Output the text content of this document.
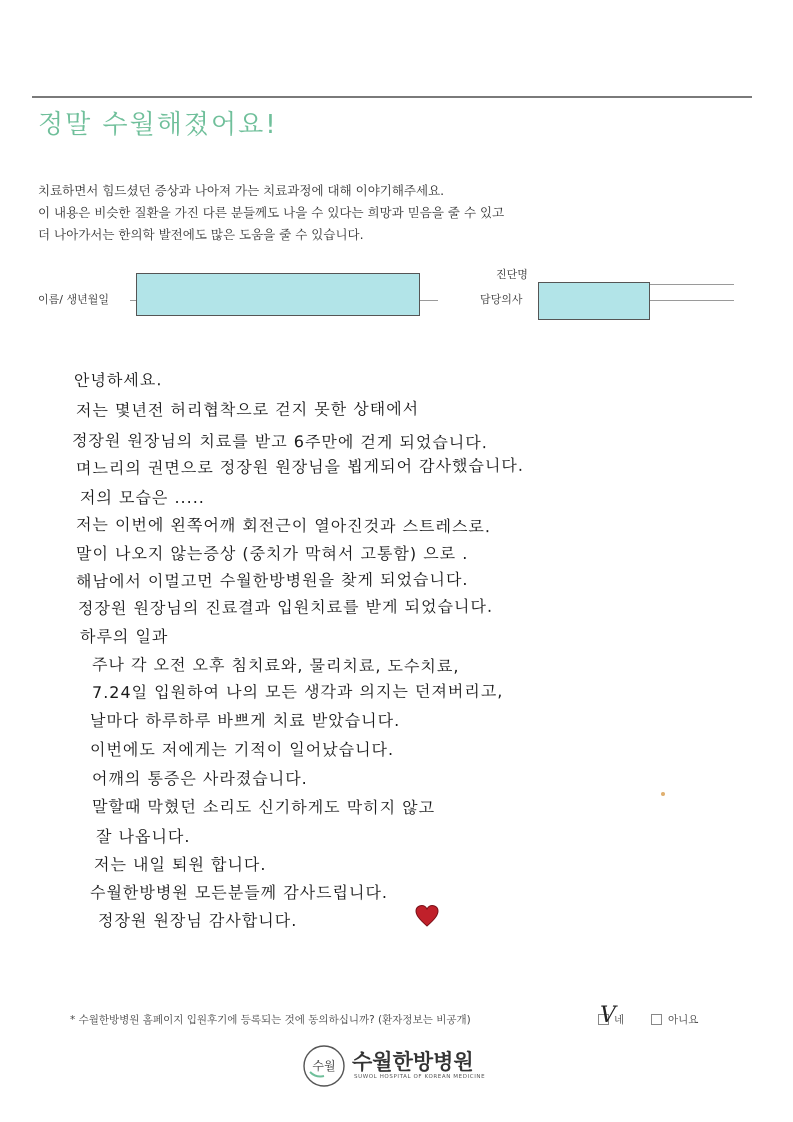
정말 수월해졌어요!
치료하면서 힘드셨던 증상과 나아져 가는 치료과정에 대해 이야기해주세요.
이 내용은 비슷한 질환을 가진 다른 분들께도 나을 수 있다는 희망과 믿음을 줄 수 있고
더 나아가서는 한의학 발전에도 많은 도움을 줄 수 있습니다.
이름/ 생년월일
진단명
담당의사
안녕하세요.
저는 몇년전 허리협착으로 걷지 못한 상태에서
정장원 원장님의 치료를 받고 6주만에 걷게 되었습니다.
며느리의 권면으로 정장원 원장님을 뵙게되어 감사했습니다.
저의 모습은 .....
저는 이번에 왼쪽어깨 회전근이 열아진것과 스트레스로.
말이 나오지 않는증상 (중치가 막혀서 고통함) 으로 .
해남에서 이멀고먼 수월한방병원을 찾게 되었습니다.
정장원 원장님의 진료결과 입원치료를 받게 되었습니다.
하루의 일과
주나 각 오전 오후 침치료와, 물리치료, 도수치료,
7.24일 입원하여 나의 모든 생각과 의지는 던져버리고,
날마다 하루하루 바쁘게 치료 받았습니다.
이번에도 저에게는 기적이 일어났습니다.
어깨의 통증은 사라졌습니다.
말할때 막혔던 소리도 신기하게도 막히지 않고
잘 나옵니다.
저는 내일 퇴원 합니다.
수월한방병원 모든분들께 감사드립니다.
정장원 원장님 감사합니다.
* 수월한방병원 홈페이지 입원후기에 등록되는 것에 동의하십니까? (환자정보는 비공개)	V
네	아니요
수월 수월한방병원
SUWOL HOSPITAL OF KOREAN MEDICINE
